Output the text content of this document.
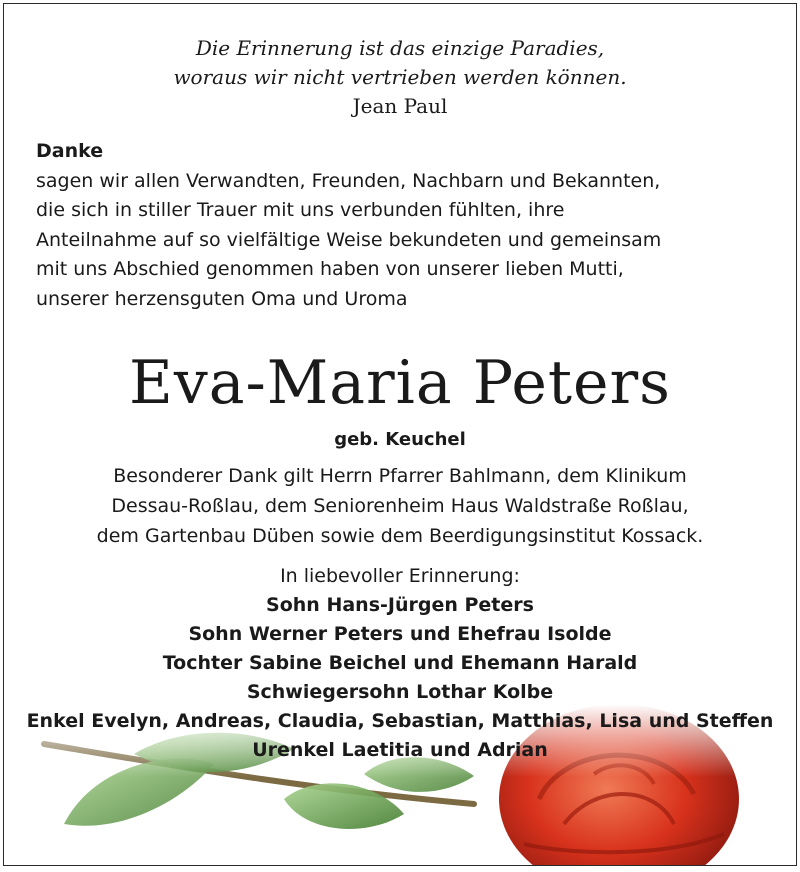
Die Erinnerung ist das einzige Paradies,
woraus wir nicht vertrieben werden können.
Jean Paul
Danke
sagen wir allen Verwandten, Freunden, Nachbarn und Bekannten,
die sich in stiller Trauer mit uns verbunden fühlten, ihre
Anteilnahme auf so vielfältige Weise bekundeten und gemeinsam
mit uns Abschied genommen haben von unserer lieben Mutti,
unserer herzensguten Oma und Uroma
Eva-Maria Peters
geb. Keuchel
Besonderer Dank gilt Herrn Pfarrer Bahlmann, dem Klinikum
Dessau-Roßlau, dem Seniorenheim Haus Waldstraße Roßlau,
dem Gartenbau Düben sowie dem Beerdigungsinstitut Kossack.
In liebevoller Erinnerung:
Sohn Hans-Jürgen Peters
Sohn Werner Peters und Ehefrau Isolde
Tochter Sabine Beichel und Ehemann Harald
Schwiegersohn Lothar Kolbe
Enkel Evelyn, Andreas, Claudia, Sebastian, Matthias, Lisa und Steffen
Urenkel Laetitia und Adrian
